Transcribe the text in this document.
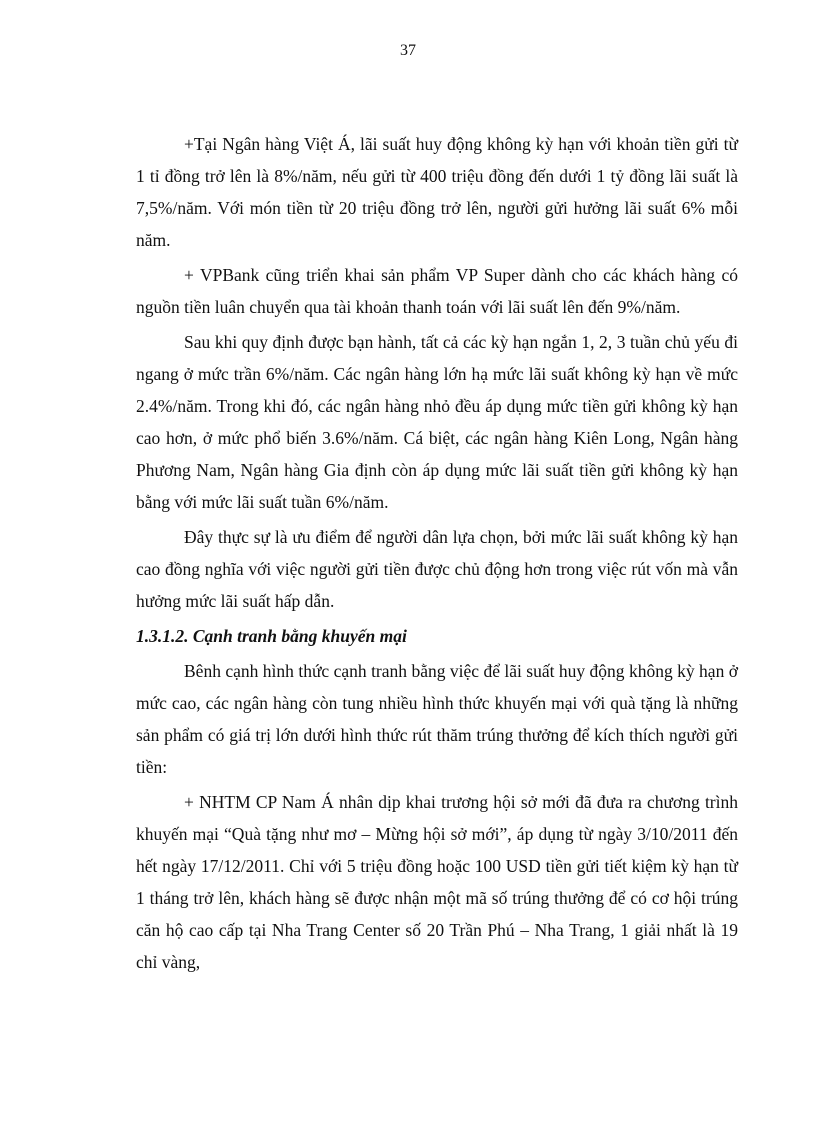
37

+Tại Ngân hàng Việt Á, lãi suất huy động không kỳ hạn với khoản tiền gửi từ 1 tỉ đồng trở lên là 8%/năm, nếu gửi từ 400 triệu đồng đến dưới 1 tỷ đồng lãi suất là 7,5%/năm. Với món tiền từ 20 triệu đồng trở lên, người gửi hưởng lãi suất 6% mỗi năm.

+ VPBank cũng triển khai sản phẩm VP Super dành cho các khách hàng có nguồn tiền luân chuyển qua tài khoản thanh toán với lãi suất lên đến 9%/năm.

Sau khi quy định được bạn hành, tất cả các kỳ hạn ngắn 1, 2, 3 tuần chủ yếu đi ngang ở mức trần 6%/năm. Các ngân hàng lớn hạ mức lãi suất không kỳ hạn về mức 2.4%/năm. Trong khi đó, các ngân hàng nhỏ đều áp dụng mức tiền gửi không kỳ hạn cao hơn, ở mức phổ biến 3.6%/năm. Cá biệt, các ngân hàng Kiên Long, Ngân hàng Phương Nam, Ngân hàng Gia định còn áp dụng mức lãi suất tiền gửi không kỳ hạn bằng với mức lãi suất tuần 6%/năm.

Đây thực sự là ưu điểm để người dân lựa chọn, bởi mức lãi suất không kỳ hạn cao đồng nghĩa với việc người gửi tiền được chủ động hơn trong việc rút vốn mà vẫn hưởng mức lãi suất hấp dẫn.

1.3.1.2. Cạnh tranh bằng khuyến mại

Bênh cạnh hình thức cạnh tranh bằng việc để lãi suất huy động không kỳ hạn ở mức cao, các ngân hàng còn tung nhiều hình thức khuyến mại với quà tặng là những sản phẩm có giá trị lớn dưới hình thức rút thăm trúng thưởng để kích thích người gửi tiền:

+ NHTM CP Nam Á nhân dịp khai trương hội sở mới đã đưa ra chương trình khuyến mại “Quà tặng như mơ – Mừng hội sở mới”, áp dụng từ ngày 3/10/2011 đến hết ngày 17/12/2011. Chỉ với 5 triệu đồng hoặc 100 USD tiền gửi tiết kiệm kỳ hạn từ 1 tháng trở lên, khách hàng sẽ được nhận một mã số trúng thưởng để có cơ hội trúng căn hộ cao cấp tại Nha Trang Center số 20 Trần Phú – Nha Trang, 1 giải nhất là 19 chỉ vàng,
